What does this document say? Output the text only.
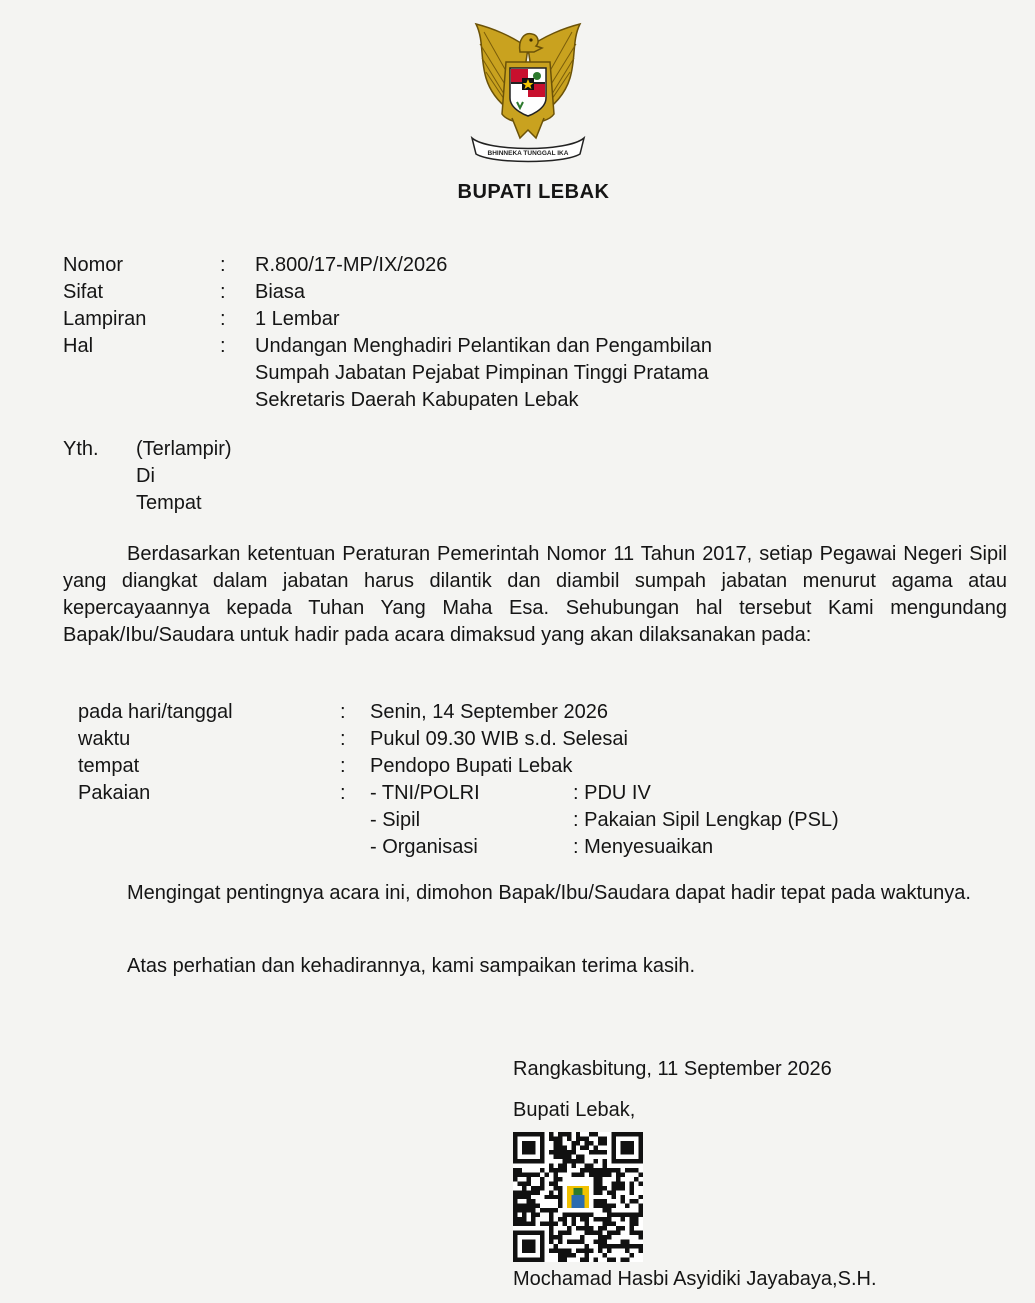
BHINNEKA TUNGGAL IKA
BUPATI LEBAK
Nomor	:	R.800/17-MP/IX/2026
Sifat	:	Biasa
Lampiran	:	1 Lembar
Hal	:	Undangan Menghadiri Pelantikan dan Pengambilan
Sumpah Jabatan Pejabat Pimpinan Tinggi Pratama
Sekretaris Daerah Kabupaten Lebak
Yth.	(Terlampir)
Di
Tempat
Berdasarkan ketentuan Peraturan Pemerintah Nomor 11 Tahun 2017, setiap Pegawai Negeri Sipil yang diangkat dalam jabatan harus dilantik dan diambil sumpah jabatan menurut agama atau kepercayaannya kepada Tuhan Yang Maha Esa. Sehubungan hal tersebut Kami mengundang Bapak/Ibu/Saudara untuk hadir pada acara dimaksud yang akan dilaksanakan pada:
pada hari/tanggal	:	Senin, 14 September 2026
waktu	:	Pukul 09.30 WIB s.d. Selesai
tempat	:	Pendopo Bupati Lebak
Pakaian	:	- TNI/POLRI	: PDU IV
- Sipil	: Pakaian Sipil Lengkap (PSL)
- Organisasi	: Menyesuaikan
Mengingat pentingnya acara ini, dimohon Bapak/Ibu/Saudara dapat hadir tepat pada waktunya.
Atas perhatian dan kehadirannya, kami sampaikan terima kasih.
Rangkasbitung, 11 September 2026
Bupati Lebak,
Mochamad Hasbi Asyidiki Jayabaya,S.H.
